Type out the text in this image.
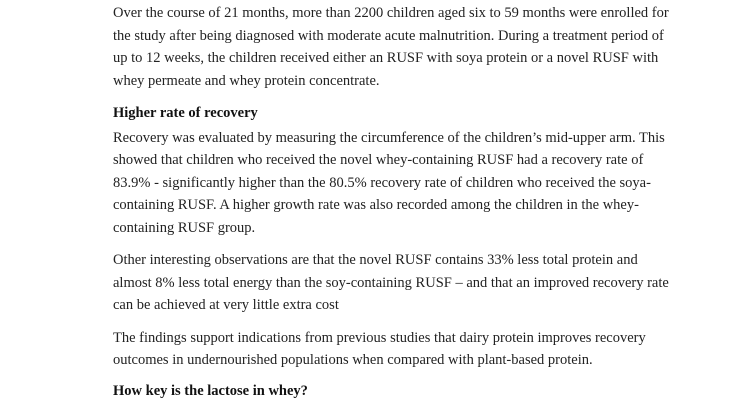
Over the course of 21 months, more than 2200 children aged six to 59 months were enrolled for the study after being diagnosed with moderate acute malnutrition. During a treatment period of up to 12 weeks, the children received either an RUSF with soya protein or a novel RUSF with whey permeate and whey protein concentrate.

Higher rate of recovery

Recovery was evaluated by measuring the circumference of the children’s mid-upper arm. This showed that children who received the novel whey-containing RUSF had a recovery rate of 83.9% - significantly higher than the 80.5% recovery rate of children who received the soya-containing RUSF. A higher growth rate was also recorded among the children in the whey-containing RUSF group.

Other interesting observations are that the novel RUSF contains 33% less total protein and almost 8% less total energy than the soy-containing RUSF – and that an improved recovery rate can be achieved at very little extra cost

The findings support indications from previous studies that dairy protein improves recovery outcomes in undernourished populations when compared with plant-based protein.

How key is the lactose in whey?
